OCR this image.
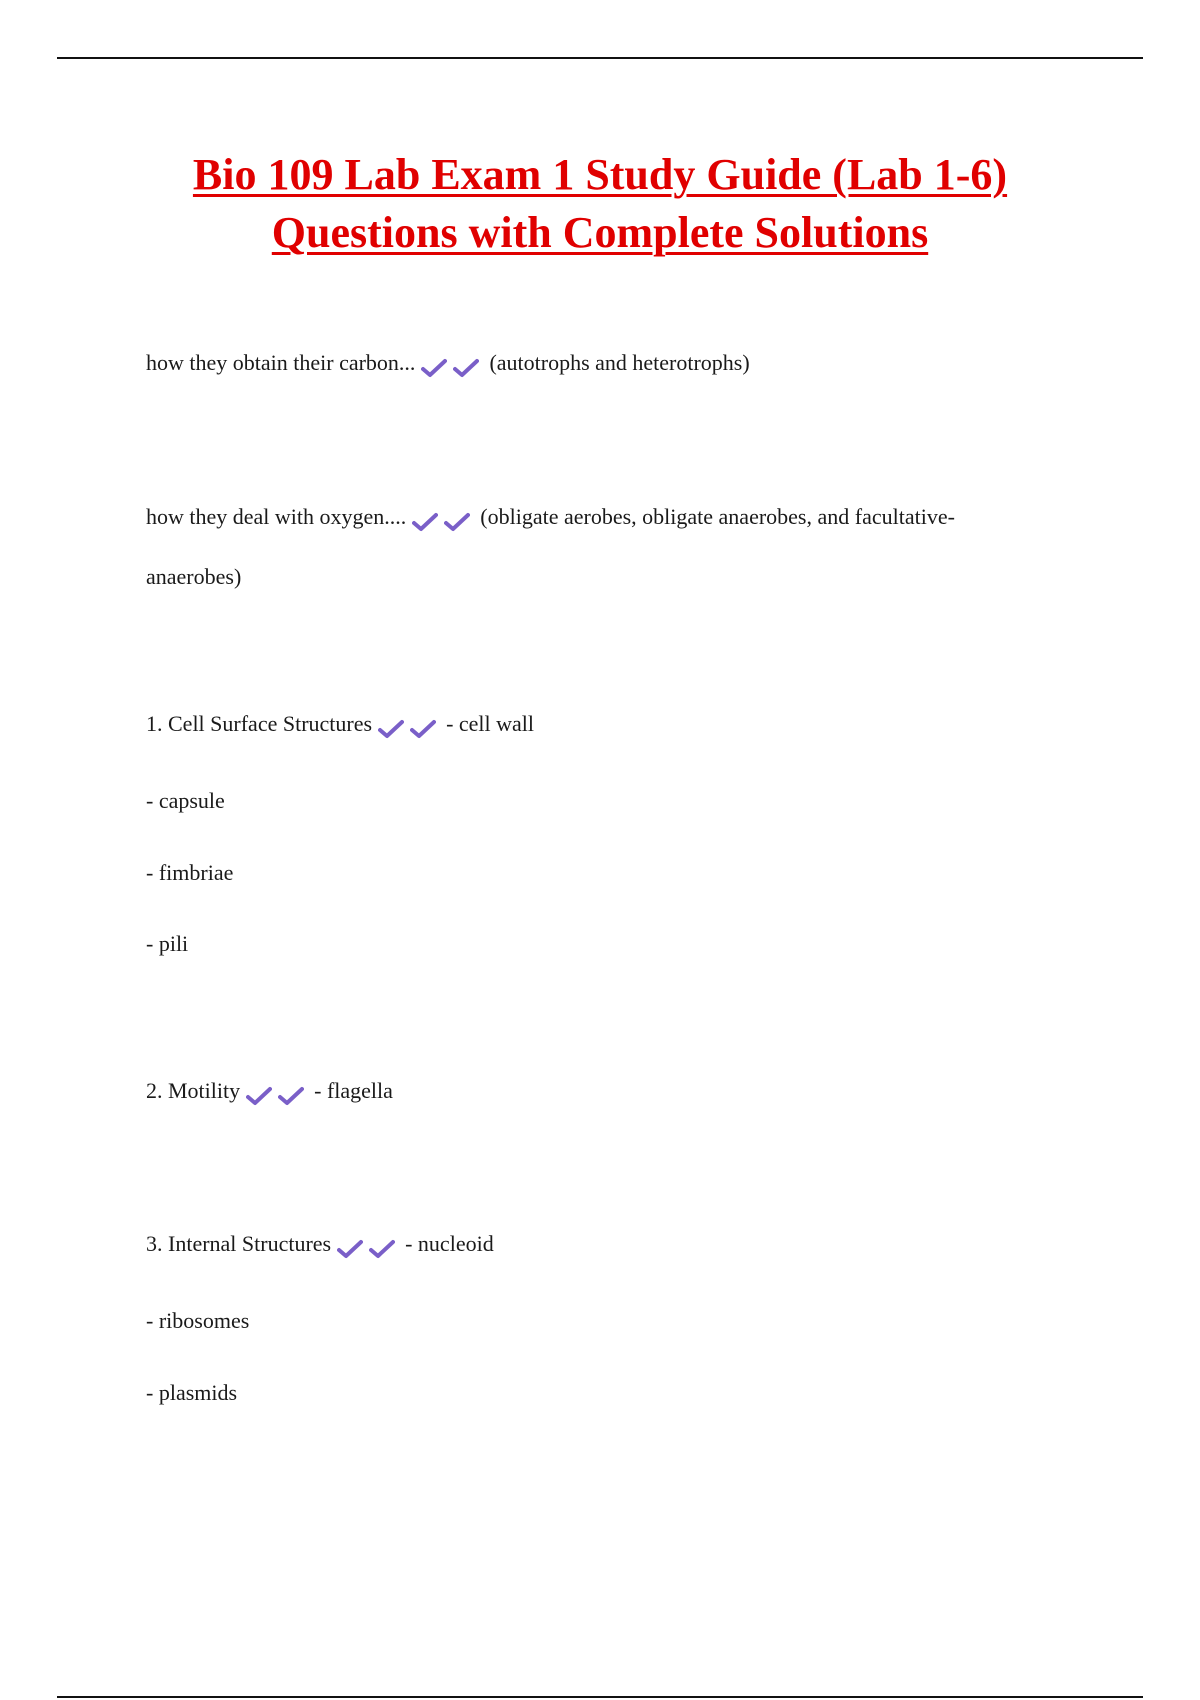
Bio 109 Lab Exam 1 Study Guide (Lab 1-6)
Questions with Complete Solutions
how they obtain their carbon...	(autotrophs and heterotrophs)
how they deal with oxygen....	(obligate aerobes, obligate anaerobes, and facultative-
anaerobes)
1. Cell Surface Structures	- cell wall
- capsule
- fimbriae
- pili
2. Motility	- flagella
3. Internal Structures	- nucleoid
- ribosomes
- plasmids
